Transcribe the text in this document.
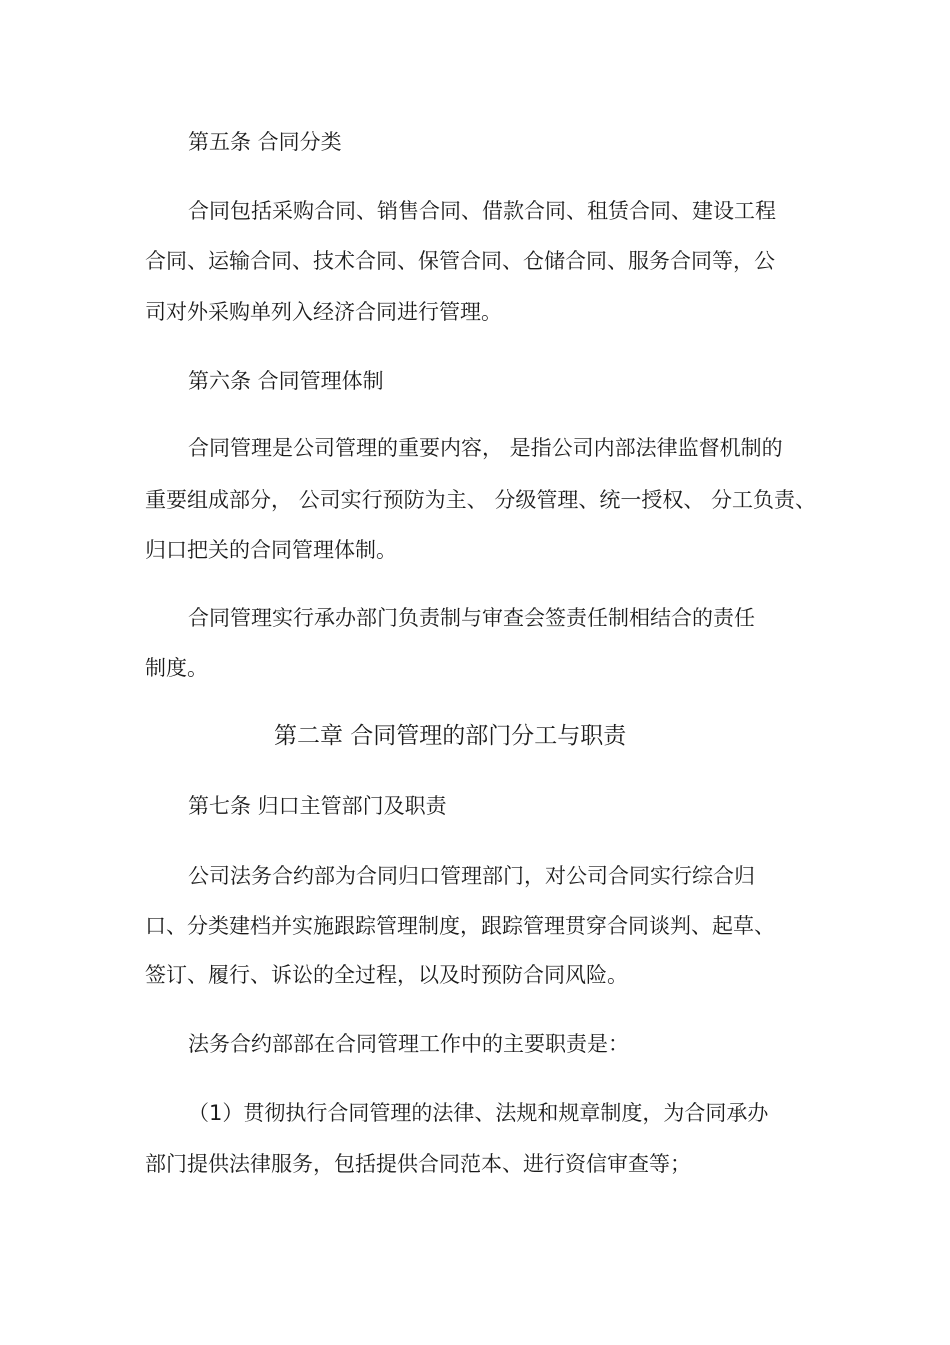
第五条 合同分类
合同包括采购合同、销售合同、借款合同、租赁合同、建设工程
合同、运输合同、技术合同、保管合同、仓储合同、服务合同等，公
司对外采购单列入经济合同进行管理。
第六条 合同管理体制
合同管理是公司管理的重要内容， 是指公司内部法律监督机制的
重要组成部分， 公司实行预防为主、 分级管理、统一授权、 分工负责、
归口把关的合同管理体制。
合同管理实行承办部门负责制与审查会签责任制相结合的责任
制度。
第二章 合同管理的部门分工与职责
第七条 归口主管部门及职责
公司法务合约部为合同归口管理部门，对公司合同实行综合归
口、分类建档并实施跟踪管理制度，跟踪管理贯穿合同谈判、起草、
签订、履行、诉讼的全过程，以及时预防合同风险。
法务合约部部在合同管理工作中的主要职责是：
（1）贯彻执行合同管理的法律、法规和规章制度，为合同承办
部门提供法律服务，包括提供合同范本、进行资信审查等；
